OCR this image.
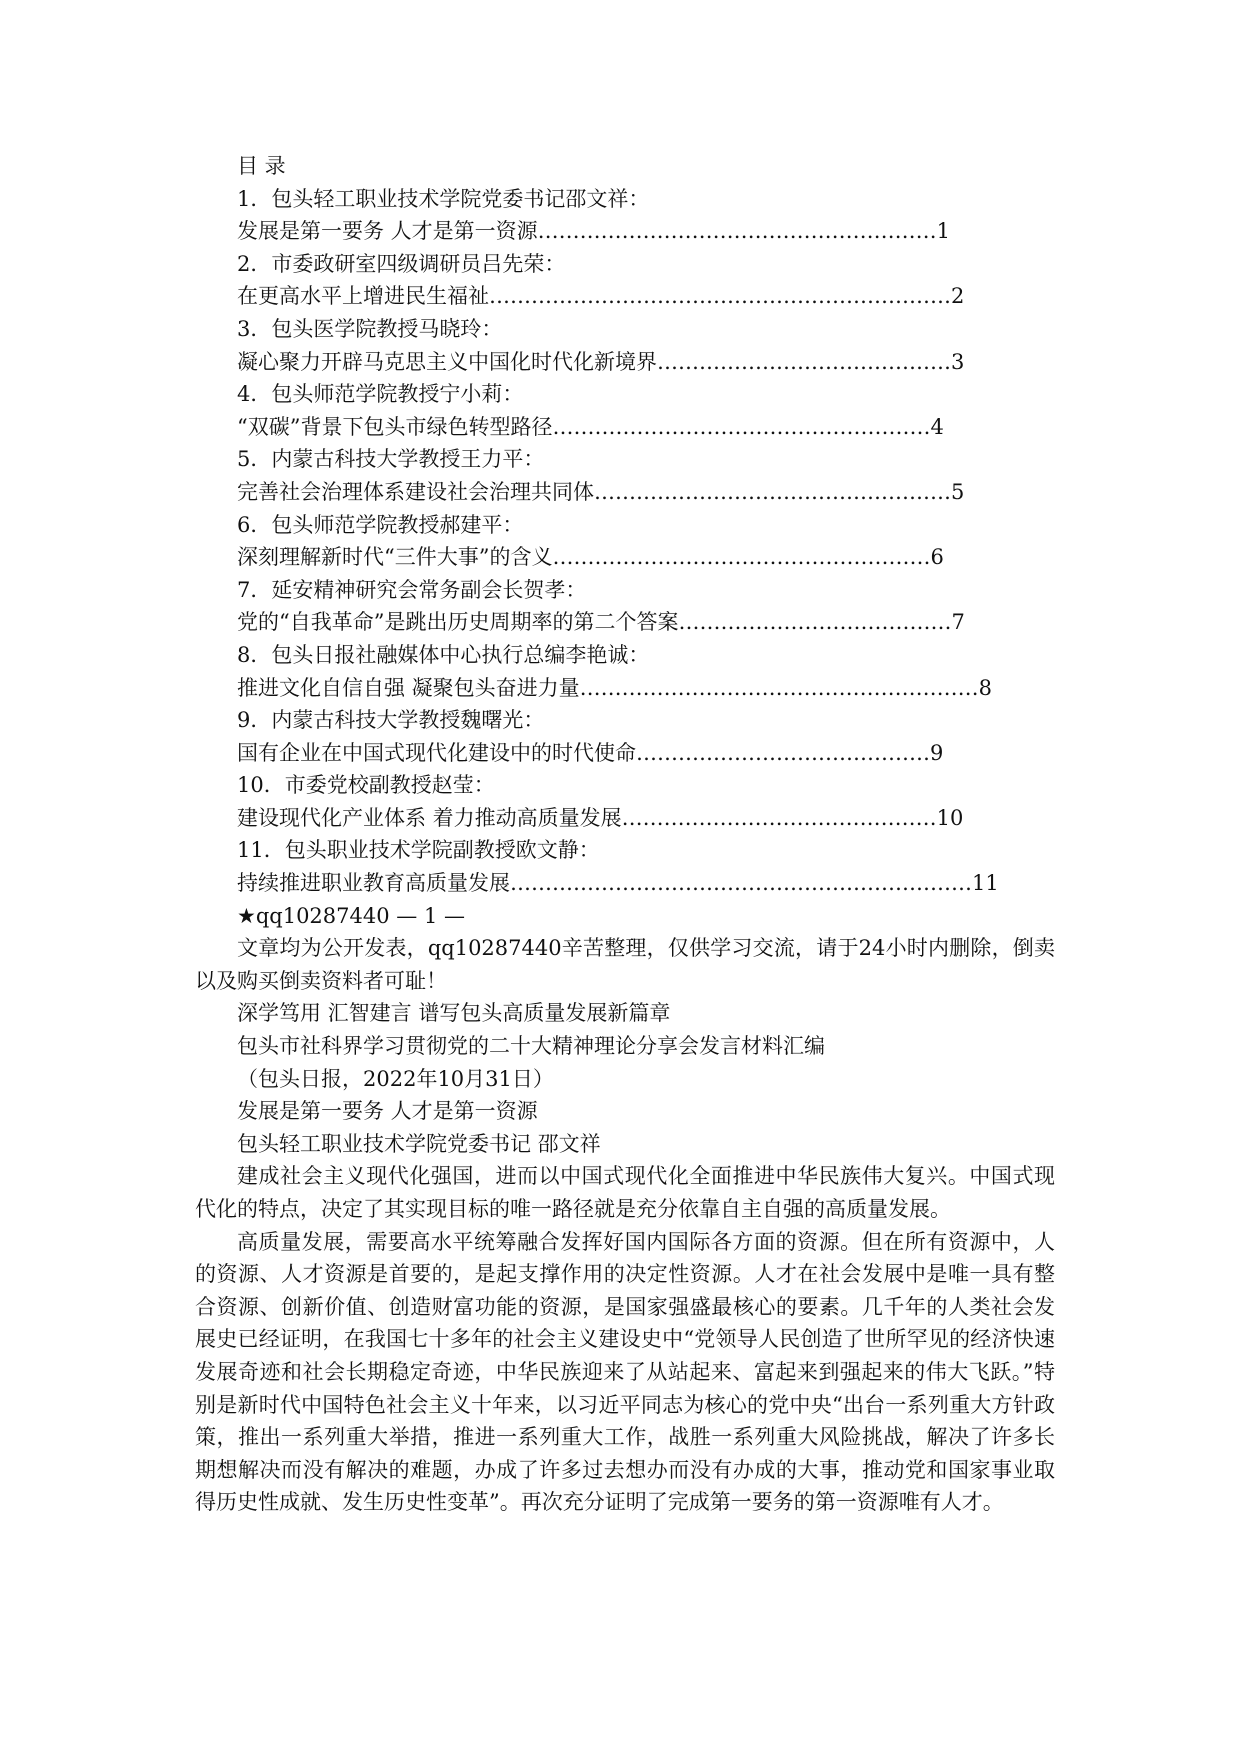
目 录
1．包头轻工职业技术学院党委书记邵文祥：
发展是第一要务 人才是第一资源…………………………………………………1
2．市委政研室四级调研员吕先荣：
在更高水平上增进民生福祉…………………………………………………………2
3．包头医学院教授马晓玲：
凝心聚力开辟马克思主义中国化时代化新境界……………………………………3
4．包头师范学院教授宁小莉：
“双碳”背景下包头市绿色转型路径………………………………………………4
5．内蒙古科技大学教授王力平：
完善社会治理体系建设社会治理共同体……………………………………………5
6．包头师范学院教授郝建平：
深刻理解新时代“三件大事”的含义………………………………………………6
7．延安精神研究会常务副会长贺孝：
党的“自我革命”是跳出历史周期率的第二个答案…………………………………7
8．包头日报社融媒体中心执行总编李艳诚：
推进文化自信自强 凝聚包头奋进力量…………………………………………………8
9．内蒙古科技大学教授魏曙光：
国有企业在中国式现代化建设中的时代使命……………………………………9
10．市委党校副教授赵莹：
建设现代化产业体系 着力推动高质量发展………………………………………10
11．包头职业技术学院副教授欧文静：
持续推进职业教育高质量发展…………………………………………………………11
★qq10287440 — 1 —

文章均为公开发表，qq10287440辛苦整理，仅供学习交流，请于24小时内删除，倒卖以及购买倒卖资料者可耻！

深学笃用 汇智建言 谱写包头高质量发展新篇章
包头市社科界学习贯彻党的二十大精神理论分享会发言材料汇编
（包头日报，2022年10月31日）
发展是第一要务 人才是第一资源
包头轻工职业技术学院党委书记 邵文祥

建成社会主义现代化强国，进而以中国式现代化全面推进中华民族伟大复兴。中国式现代化的特点，决定了其实现目标的唯一路径就是充分依靠自主自强的高质量发展。

高质量发展，需要高水平统筹融合发挥好国内国际各方面的资源。但在所有资源中，人的资源、人才资源是首要的，是起支撑作用的决定性资源。人才在社会发展中是唯一具有整合资源、创新价值、创造财富功能的资源，是国家强盛最核心的要素。几千年的人类社会发展史已经证明，在我国七十多年的社会主义建设史中“党领导人民创造了世所罕见的经济快速发展奇迹和社会长期稳定奇迹，中华民族迎来了从站起来、富起来到强起来的伟大飞跃。”特别是新时代中国特色社会主义十年来，以习近平同志为核心的党中央“出台一系列重大方针政策，推出一系列重大举措，推进一系列重大工作，战胜一系列重大风险挑战，解决了许多长期想解决而没有解决的难题，办成了许多过去想办而没有办成的大事，推动党和国家事业取得历史性成就、发生历史性变革”。再次充分证明了完成第一要务的第一资源唯有人才。
